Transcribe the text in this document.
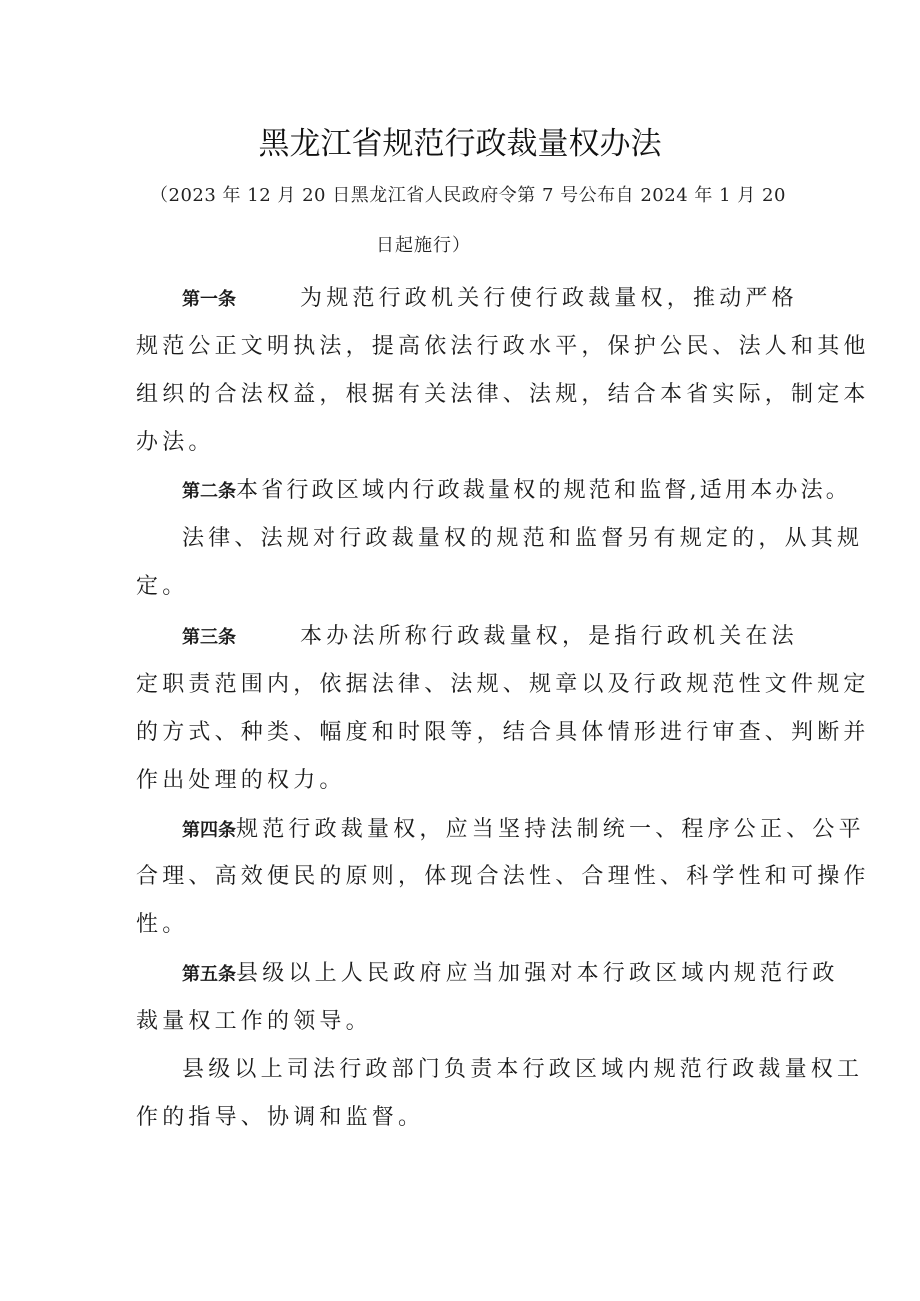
黑龙江省规范行政裁量权办法
（2023 年 12 月 20 日黑龙江省人民政府令第 7 号公布自 2024 年 1 月 20
日起施行）
第一条	为规范行政机关行使行政裁量权，推动严格
规范公正文明执法，提高依法行政水平，保护公民、法人和其他
组织的合法权益，根据有关法律、法规，结合本省实际，制定本
办法。
第二条本省行政区域内行政裁量权的规范和监督,适用本办法。
法律、法规对行政裁量权的规范和监督另有规定的，从其规
定。
第三条	本办法所称行政裁量权，是指行政机关在法
定职责范围内，依据法律、法规、规章以及行政规范性文件规定
的方式、种类、幅度和时限等，结合具体情形进行审查、判断并
作出处理的权力。
第四条规范行政裁量权，应当坚持法制统一、程序公正、公平
合理、高效便民的原则，体现合法性、合理性、科学性和可操作
性。
第五条县级以上人民政府应当加强对本行政区域内规范行政
裁量权工作的领导。
县级以上司法行政部门负责本行政区域内规范行政裁量权工
作的指导、协调和监督。
